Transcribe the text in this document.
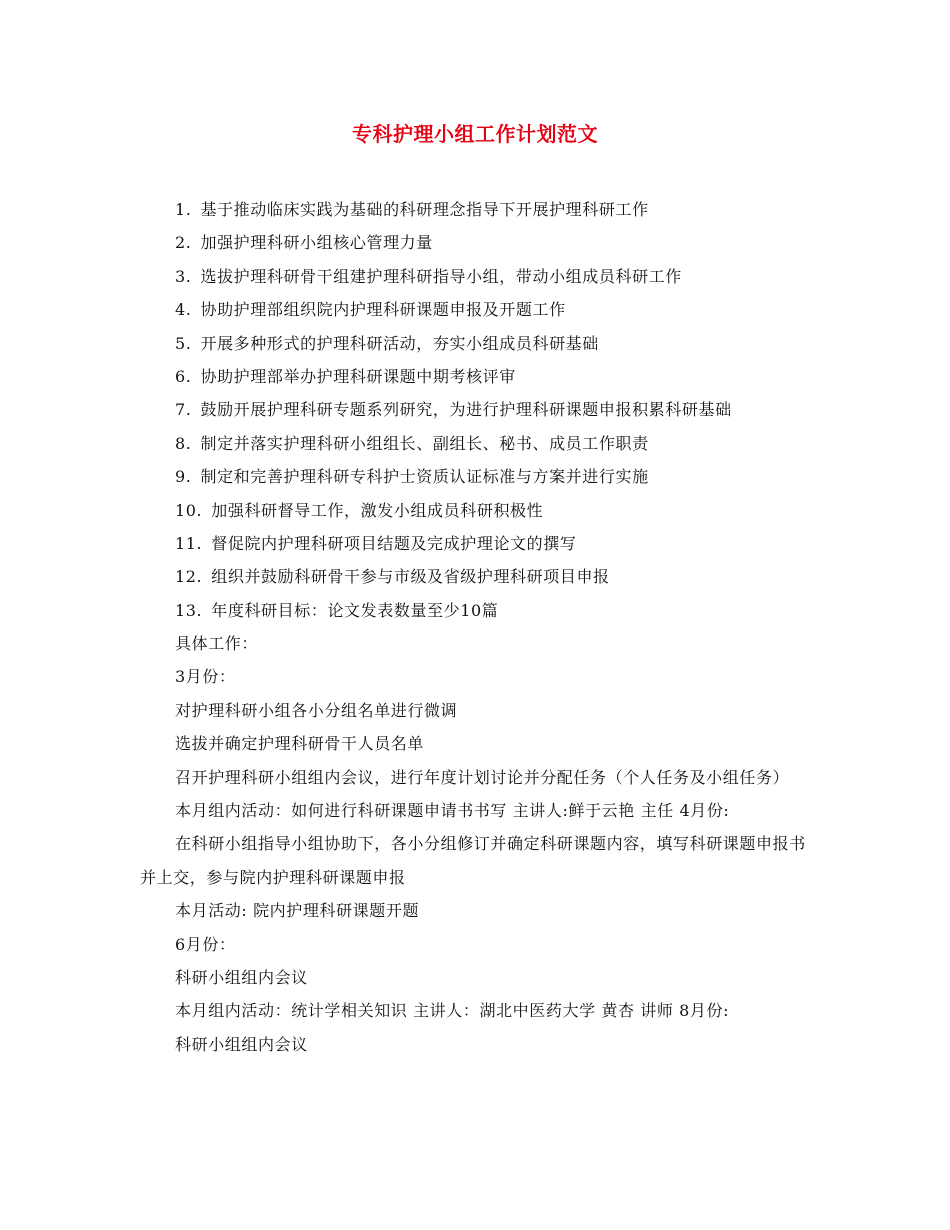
专科护理小组工作计划范文
1. 基于推动临床实践为基础的科研理念指导下开展护理科研工作
2. 加强护理科研小组核心管理力量
3. 选拔护理科研骨干组建护理科研指导小组，带动小组成员科研工作
4. 协助护理部组织院内护理科研课题申报及开题工作
5. 开展多种形式的护理科研活动，夯实小组成员科研基础
6. 协助护理部举办护理科研课题中期考核评审
7. 鼓励开展护理科研专题系列研究，为进行护理科研课题申报积累科研基础
8. 制定并落实护理科研小组组长、副组长、秘书、成员工作职责
9. 制定和完善护理科研专科护士资质认证标准与方案并进行实施
10. 加强科研督导工作，激发小组成员科研积极性
11. 督促院内护理科研项目结题及完成护理论文的撰写
12. 组织并鼓励科研骨干参与市级及省级护理科研项目申报
13. 年度科研目标：论文发表数量至少10篇

具体工作：

3月份：

对护理科研小组各小分组名单进行微调

选拔并确定护理科研骨干人员名单

召开护理科研小组组内会议，进行年度计划讨论并分配任务（个人任务及小组任务）

本月组内活动：如何进行科研课题申请书书写 主讲人:鲜于云艳 主任 4月份:

在科研小组指导小组协助下，各小分组修订并确定科研课题内容，填写科研课题申报书并上交，参与院内护理科研课题申报

本月活动: 院内护理科研课题开题

6月份：

科研小组组内会议

本月组内活动：统计学相关知识 主讲人：湖北中医药大学 黄杏 讲师 8月份:

科研小组组内会议
